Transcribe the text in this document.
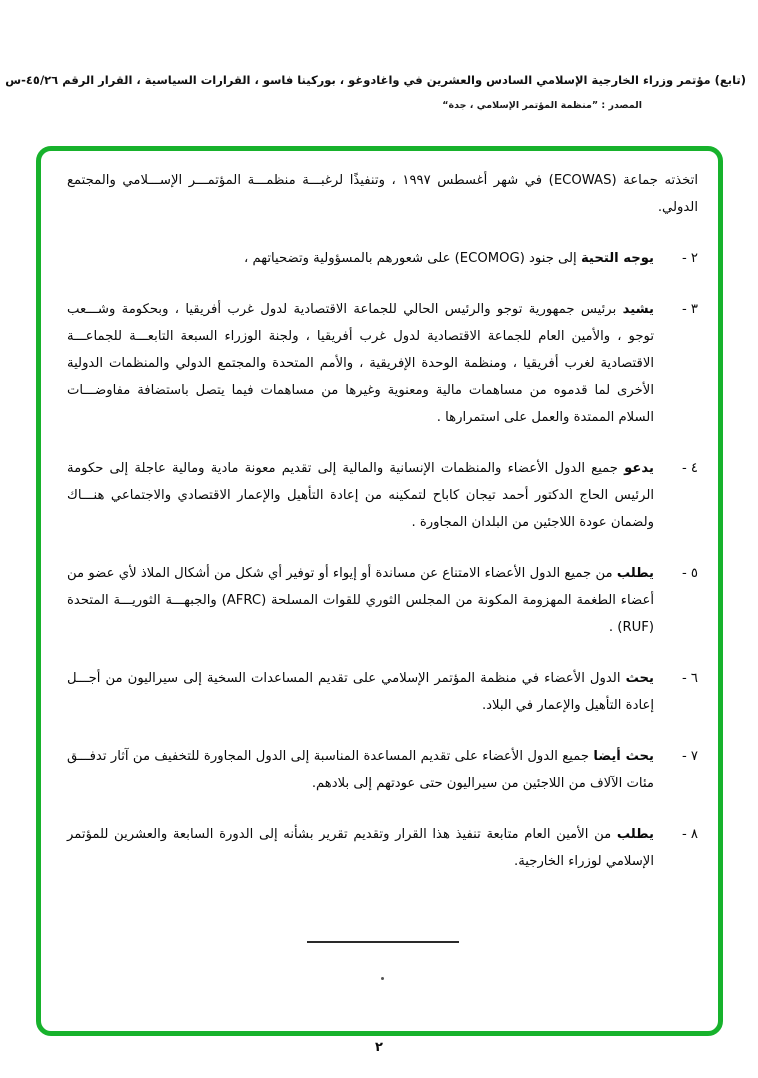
(تابع) مؤتمر وزراء الخارجية الإسلامي السادس والعشرين في واغادوغو ، بوركينا فاسو ، القرارات السياسية ، القرار الرقم ٤٥/٢٦-س
المصدر : ”منظمة المؤتمر الإسلامي ، جدة“

اتخذته جماعة (ECOWAS) في شهر أغسطس ١٩٩٧ ، وتنفيذًا لرغبـــة منظمـــة المؤتمـــر الإســـلامي والمجتمع الدولي.

٢ -

يوجه التحية إلى جنود (ECOMOG) على شعورهم بالمسؤولية وتضحياتهم ،

٣ -

يشيد برئيس جمهورية توجو والرئيس الحالي للجماعة الاقتصادية لدول غرب أفريقيا ، وبحكومة وشـــعب توجو ، والأمين العام للجماعة الاقتصادية لدول غرب أفريقيا ، ولجنة الوزراء السبعة التابعـــة للجماعـــة الاقتصادية لغرب أفريقيا ، ومنظمة الوحدة الإفريقية ، والأمم المتحدة والمجتمع الدولي والمنظمات الدولية الأخرى لما قدموه من مساهمات مالية ومعنوية وغيرها من مساهمات فيما يتصل باستضافة مفاوضـــات السلام الممتدة والعمل على استمرارها .

٤ -

يدعو جميع الدول الأعضاء والمنظمات الإنسانية والمالية إلى تقديم معونة مادية ومالية عاجلة إلى حكومة الرئيس الحاج الدكتور أحمد تيجان كاباح لتمكينه من إعادة التأهيل والإعمار الاقتصادي والاجتماعي هنـــاك ولضمان عودة اللاجئين من البلدان المجاورة .

٥ -

يطلب من جميع الدول الأعضاء الامتناع عن مساندة أو إيواء أو توفير أي شكل من أشكال الملاذ لأي عضو من أعضاء الطغمة المهزومة المكونة من المجلس الثوري للقوات المسلحة (AFRC) والجبهـــة الثوريـــة المتحدة (RUF) .

٦ -

يحث الدول الأعضاء في منظمة المؤتمر الإسلامي على تقديم المساعدات السخية إلى سيراليون من أجـــل إعادة التأهيل والإعمار في البلاد.

٧ -

يحث أيضا جميع الدول الأعضاء على تقديم المساعدة المناسبة إلى الدول المجاورة للتخفيف من آثار تدفـــق مئات الآلاف من اللاجئين من سيراليون حتى عودتهم إلى بلادهم.

٨ -

يطلب من الأمين العام متابعة تنفيذ هذا القرار وتقديم تقرير بشأنه إلى الدورة السابعة والعشرين للمؤتمر الإسلامي لوزراء الخارجية.

٢
